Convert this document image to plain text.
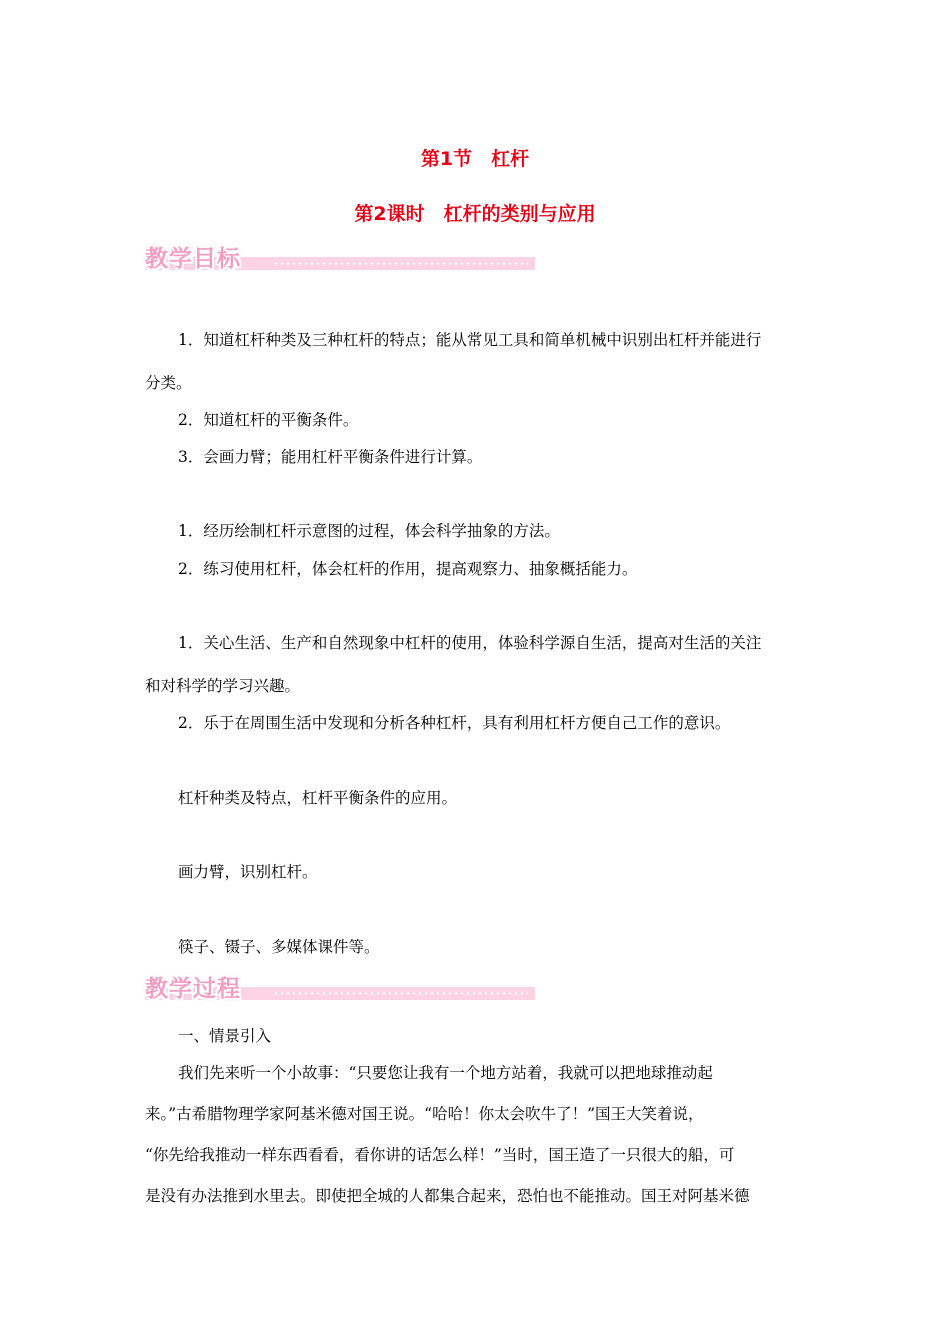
第1节　杠杆
第2课时　杠杆的类别与应用
教学目标
1．知道杠杆种类及三种杠杆的特点；能从常见工具和简单机械中识别出杠杆并能进行
分类。
2．知道杠杆的平衡条件。
3．会画力臂；能用杠杆平衡条件进行计算。
1．经历绘制杠杆示意图的过程，体会科学抽象的方法。
2．练习使用杠杆，体会杠杆的作用，提高观察力、抽象概括能力。
1．关心生活、生产和自然现象中杠杆的使用，体验科学源自生活，提高对生活的关注
和对科学的学习兴趣。
2．乐于在周围生活中发现和分析各种杠杆，具有利用杠杆方便自己工作的意识。
杠杆种类及特点，杠杆平衡条件的应用。
画力臂，识别杠杆。
筷子、镊子、多媒体课件等。
教学过程
一、情景引入
我们先来听一个小故事：“只要您让我有一个地方站着，我就可以把地球推动起
来。”古希腊物理学家阿基米德对国王说。“哈哈！你太会吹牛了！”国王大笑着说，
“你先给我推动一样东西看看，看你讲的话怎么样！”当时，国王造了一只很大的船，可
是没有办法推到水里去。即使把全城的人都集合起来，恐怕也不能推动。国王对阿基米德
